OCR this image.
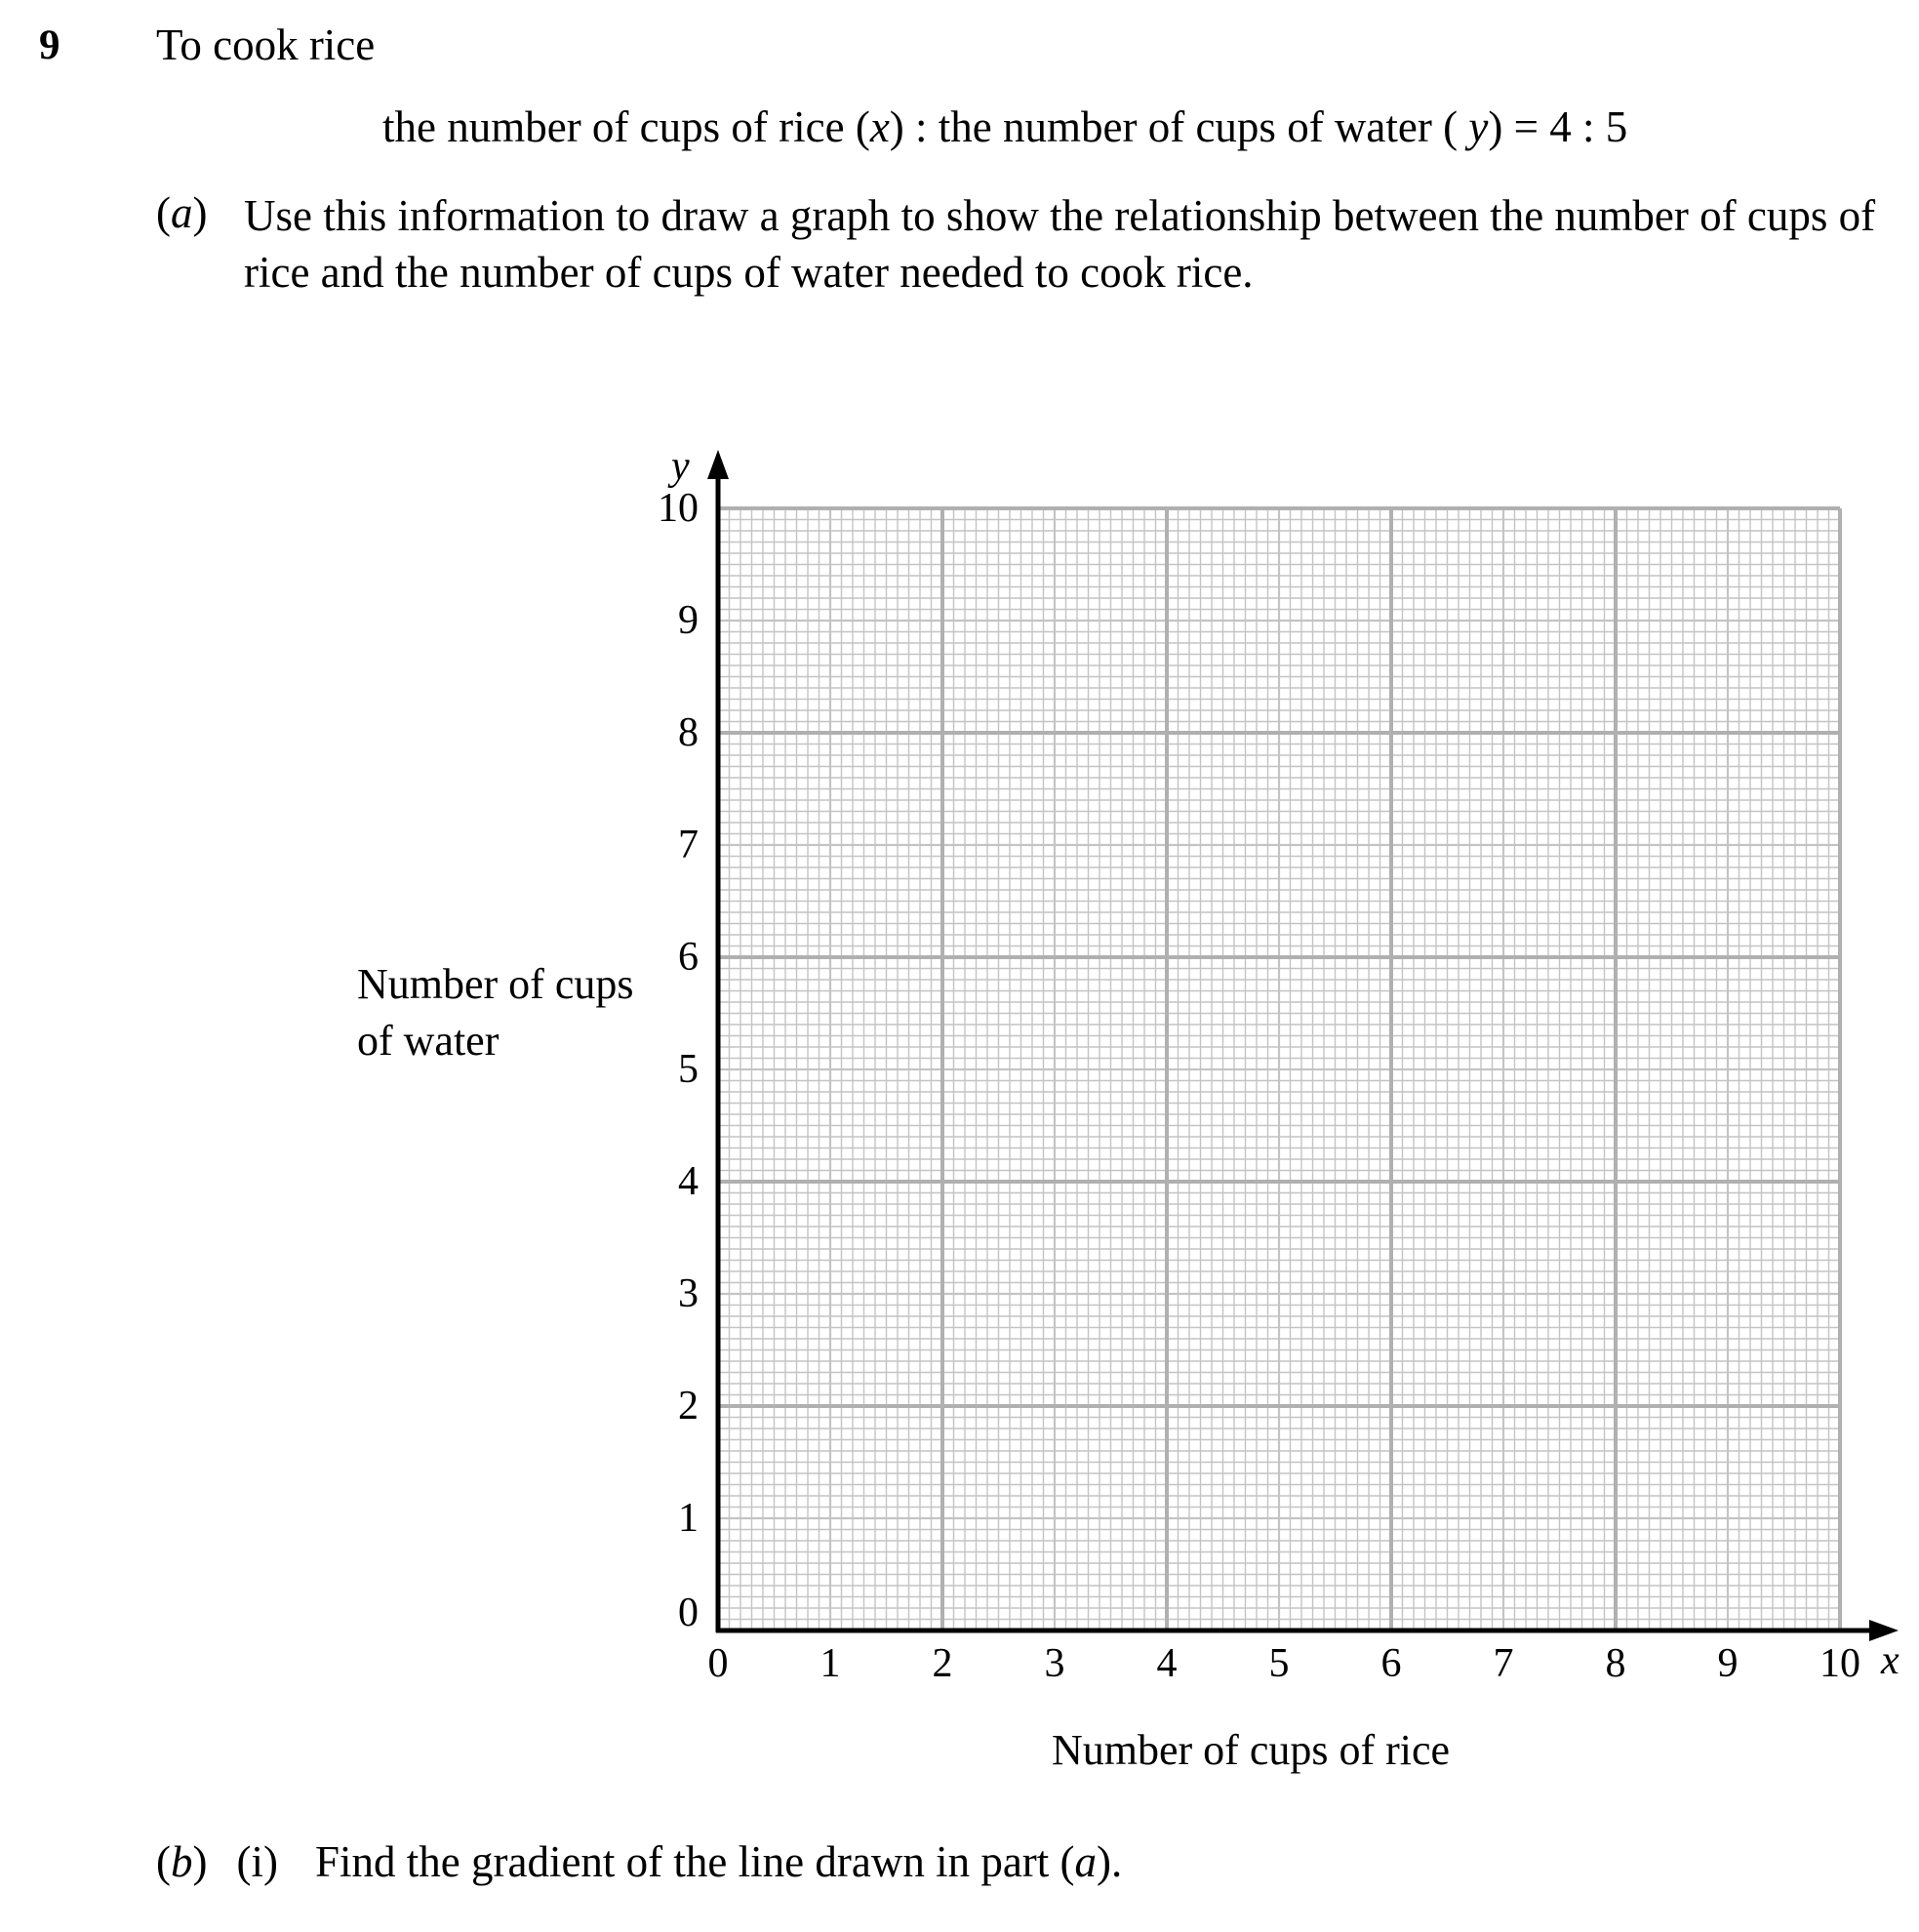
9 To cook rice
the number of cups of rice (x) : the number of cups of water ( y) = 4 : 5
(a) Use this information to draw a graph to show the relationship between the number of cups of rice and the number of cups of water needed to cook rice.
y
x
0 1 2 3 4 5 6 7 8 9 10
0
1
2
3
4
5
6
7
8
9
10
Number of cups of water
Number of cups of rice
(b) (i) Find the gradient of the line drawn in part (a).
